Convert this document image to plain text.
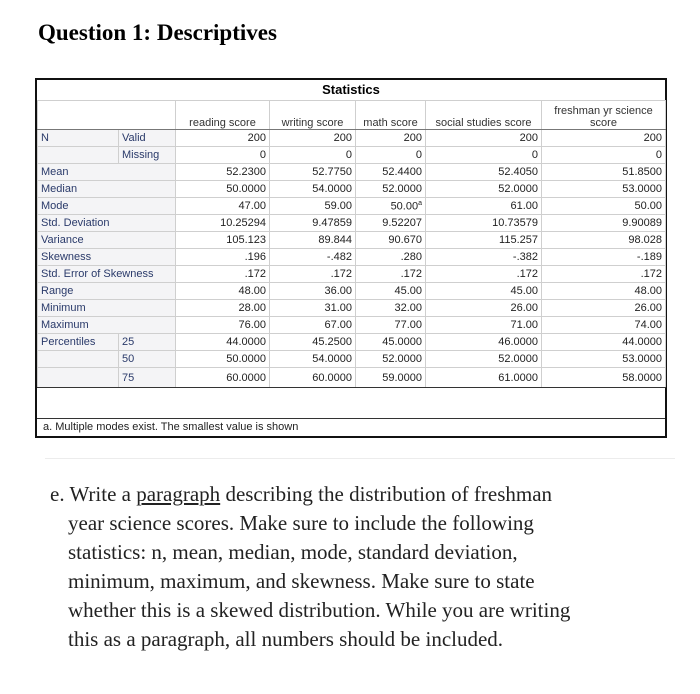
Question 1: Descriptives
Statistics
		reading score	writing score	math score	social studies score	freshman yr science score
N	Valid	200	200	200	200	200
	Missing	0	0	0	0	0
Mean		52.2300	52.7750	52.4400	52.4050	51.8500
Median		50.0000	54.0000	52.0000	52.0000	53.0000
Mode		47.00	59.00	50.00$^a$	61.00	50.00
Std. Deviation		10.25294	9.47859	9.52207	10.73579	9.90089
Variance		105.123	89.844	90.670	115.257	98.028
Skewness		.196	-.482	.280	-.382	-.189
Std. Error of Skewness		.172	.172	.172	.172	.172
Range		48.00	36.00	45.00	45.00	48.00
Minimum		28.00	31.00	32.00	26.00	26.00
Maximum		76.00	67.00	77.00	71.00	74.00
Percentiles	25	44.0000	45.2500	45.0000	46.0000	44.0000
	50	50.0000	54.0000	52.0000	52.0000	53.0000
	75	60.0000	60.0000	59.0000	61.0000	58.0000
a. Multiple modes exist. The smallest value is shown
e. Write a paragraph describing the distribution of freshman
year science scores. Make sure to include the following
statistics: n, mean, median, mode, standard deviation,
minimum, maximum, and skewness. Make sure to state
whether this is a skewed distribution. While you are writing
this as a paragraph, all numbers should be included.
